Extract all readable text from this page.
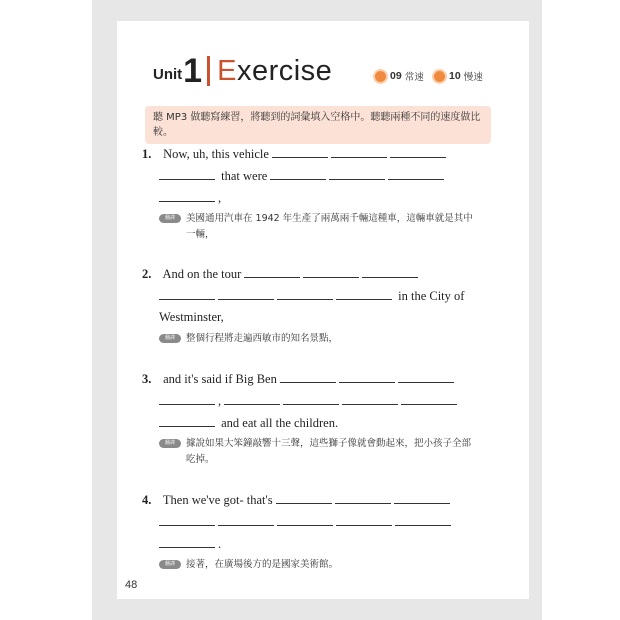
Unit 1 Exercise	09 常速 10 慢速
聽 MP3 做聽寫練習，將聽到的詞彙填入空格中。聽聽兩種不同的速度做比較。
1. Now, uh, this vehicle
that were
,
翻譯	美國通用汽車在 1942 年生產了兩萬兩千輛這種車，這輛車就是其中一輛，
2. And on the tour
in the City of
Westminster,
翻譯	整個行程將走遍西敏市的知名景點，
3. and it's said if Big Ben
,
and eat all the children.
翻譯	據說如果大笨鐘敲響十三聲，這些獅子像就會動起來，把小孩子全部吃掉。
4. Then we've got- that's
.
翻譯	接著，在廣場後方的是國家美術館。
48
